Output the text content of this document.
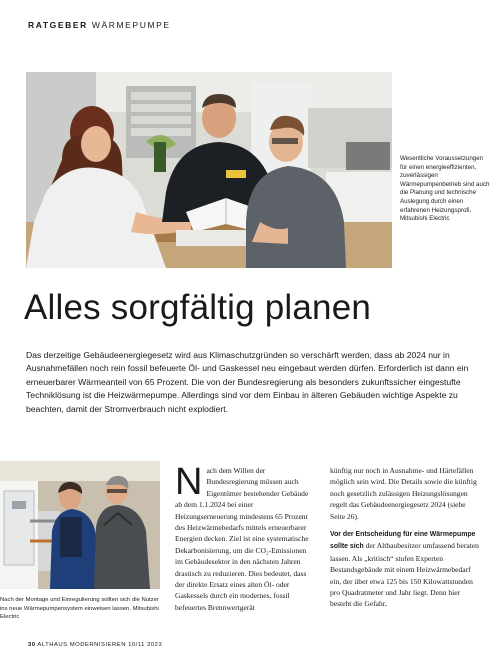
RATGEBER WÄRMEPUMPE
Wesentliche Voraussetzungen für einen energieeffizienten, zuverlässigen Wärmepumpenbetrieb sind auch die Planung und technische Auslegung durch einen erfahrenen Heizungsprofi. Mitsubishi Electric
Alles sorgfältig planen

Das derzeitige Gebäudeenergiegesetz wird aus Klimaschutzgründen so verschärft werden, dass ab 2024 nur in Ausnahmefällen noch rein fossil befeuerte Öl- und Gaskessel neu eingebaut werden dürfen. Erforderlich ist dann ein erneuerbarer Wärmeanteil von 65 Prozent. Die von der Bundesregierung als besonders zukunftssicher eingestufte Techniklösung ist die Heizwärmepumpe. Allerdings sind vor dem Einbau in älteren Gebäuden wichtige Aspekte zu beachten, damit der Stromverbrauch nicht explodiert.

Nach der Montage und Einregulierung sollten sich die Nutzer ins neue Wärmepumpensystem einweisen lassen. Mitsubishi Electric

Nach dem Willen der Bundesregierung müssen auch Eigentümer bestehender Gebäude ab dem 1.1.2024 bei einer Heizungserneuerung mindestens 65 Prozent des Heizwärmebedarfs mittels erneuerbarer Energien decken. Ziel ist eine systematische Dekarbonisierung, um die CO₂-Emissionen im Gebäudesektor in den nächsten Jahren drastisch zu reduzieren. Dies bedeutet, dass der direkte Ersatz eines alten Öl- oder Gaskessels durch ein modernes, fossil befeuertes Brennwertgerät

künftig nur noch in Ausnahme- und Härtefällen möglich sein wird. Die Details sowie die künftig noch gesetzlich zulässigen Heizungslösungen regelt das Gebäudeenergiegesetz 2024 (siehe Seite 26).

Vor der Entscheidung für eine Wärmepumpe sollte sich der Altbaubesitzer umfassend beraten lassen. Als „kritisch“ stufen Experten Bestandsgebäude mit einem Heizwärmebedarf ein, der über etwa 125 bis 150 Kilowattstunden pro Quadratmeter und Jahr liegt. Denn hier besteht die Gefahr,

30 ALTHAUS MODERNISIEREN 10/11 2023
